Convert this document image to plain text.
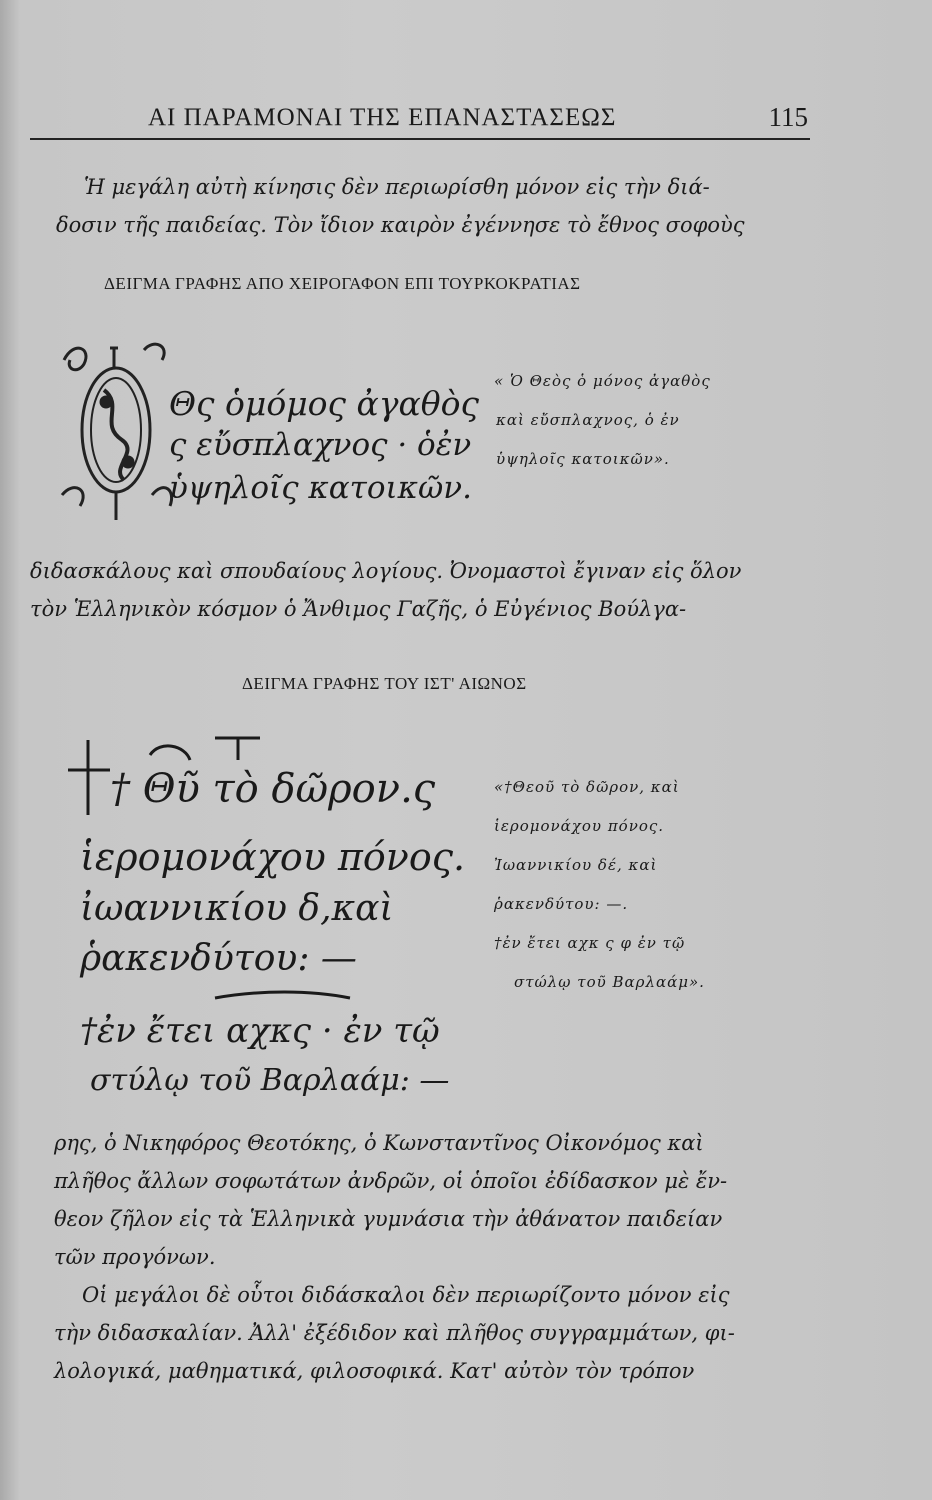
ΑΙ ΠΑΡΑΜΟΝΑΙ ΤΗΣ ΕΠΑΝΑΣΤΑΣΕΩΣ	115
Ἡ μεγάλη αὐτὴ κίνησις δὲν περιωρίσθη μόνον εἰς τὴν διά-
δοσιν τῆς παιδείας. Τὸν ἴδιον καιρὸν ἐγέννησε τὸ ἔθνος σοφοὺς
ΔΕΙΓΜΑ ΓΡΑΦΗΣ ΑΠΟ ΧΕΙΡΟΓΑΦΟΝ ΕΠΙ ΤΟΥΡΚΟΚΡΑΤΙΑΣ
Θς ὁμόμος ἀγαθὸς
ς εὔσπλαχνος · ὁἐν
ὑψηλοῖς κατοικῶν.
« Ὁ Θεὸς ὁ μόνος ἀγαθὸς
καὶ εὔσπλαχνος, ὁ ἐν
ὑψηλοῖς κατοικῶν».
διδασκάλους καὶ σπουδαίους λογίους. Ὀνομαστοὶ ἔγιναν εἰς ὅλον
τὸν Ἑλληνικὸν κόσμον ὁ Ἄνθιμος Γαζῆς, ὁ Εὐγένιος Βούλγα-
ΔΕΙΓΜΑ ΓΡΑΦΗΣ ΤΟΥ ΙΣΤ' ΑΙΩΝΟΣ
† Θῦ τὸ δῶρον.ς
ἱερομονάχου πόνος.
ἰωαννικίου δ,καὶ
ῥακενδύτου: —
†ἐν ἔτει αχκς · ἐν τῷ
στύλῳ τοῦ Βαρλαάμ: —
«†Θεοῦ τὸ δῶρον, καὶ
ἱερομονάχου πόνος.
Ἰωαννικίου δέ, καὶ
ῥακενδύτου: —.
†ἐν ἔτει αχκ ς φ ἐν τῷ
στώλῳ τοῦ Βαρλαάμ».
ρης, ὁ Νικηφόρος Θεοτόκης, ὁ Κωνσταντῖνος Οἰκονόμος καὶ
πλῆθος ἄλλων σοφωτάτων ἀνδρῶν, οἱ ὁποῖοι ἐδίδασκον μὲ ἔν-
θεον ζῆλον εἰς τὰ Ἑλληνικὰ γυμνάσια τὴν ἀθάνατον παιδείαν
τῶν προγόνων.
Οἱ μεγάλοι δὲ οὗτοι διδάσκαλοι δὲν περιωρίζοντο μόνον εἰς
τὴν διδασκαλίαν. Ἀλλ' ἐξέδιδον καὶ πλῆθος συγγραμμάτων, φι-
λολογικά, μαθηματικά, φιλοσοφικά. Κατ' αὐτὸν τὸν τρόπον
